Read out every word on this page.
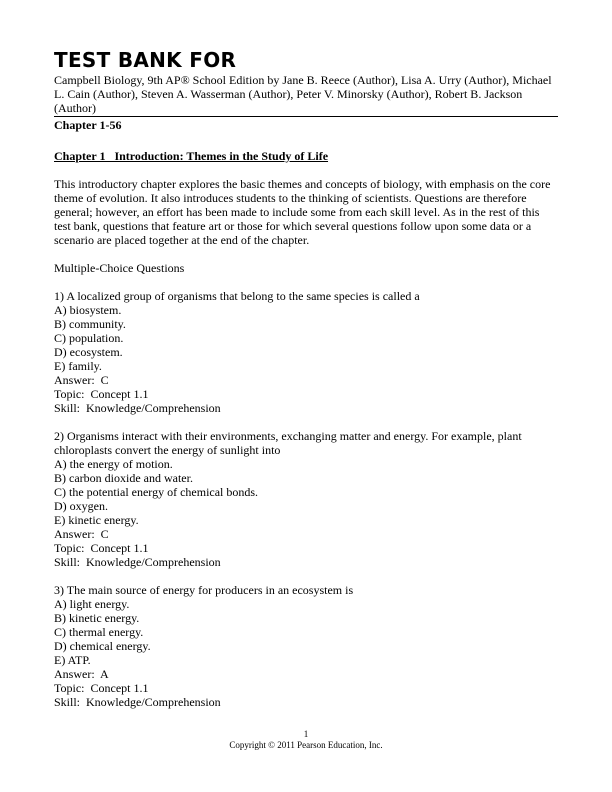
TEST BANK FOR
Campbell Biology, 9th AP® School Edition by Jane B. Reece (Author), Lisa A. Urry (Author), Michael L. Cain (Author), Steven A. Wasserman (Author), Peter V. Minorsky (Author), Robert B. Jackson (Author)
Chapter 1-56
Chapter 1   Introduction: Themes in the Study of Life
This introductory chapter explores the basic themes and concepts of biology, with emphasis on the core theme of evolution. It also introduces students to the thinking of scientists. Questions are therefore general; however, an effort has been made to include some from each skill level. As in the rest of this test bank, questions that feature art or those for which several questions follow upon some data or a scenario are placed together at the end of the chapter.
Multiple-Choice Questions
1) A localized group of organisms that belong to the same species is called a
A) biosystem.
B) community.
C) population.
D) ecosystem.
E) family.
Answer:  C
Topic:  Concept 1.1
Skill:  Knowledge/Comprehension
2) Organisms interact with their environments, exchanging matter and energy. For example, plant chloroplasts convert the energy of sunlight into
A) the energy of motion.
B) carbon dioxide and water.
C) the potential energy of chemical bonds.
D) oxygen.
E) kinetic energy.
Answer:  C
Topic:  Concept 1.1
Skill:  Knowledge/Comprehension
3) The main source of energy for producers in an ecosystem is
A) light energy.
B) kinetic energy.
C) thermal energy.
D) chemical energy.
E) ATP.
Answer:  A
Topic:  Concept 1.1
Skill:  Knowledge/Comprehension
1
Copyright © 2011 Pearson Education, Inc.
